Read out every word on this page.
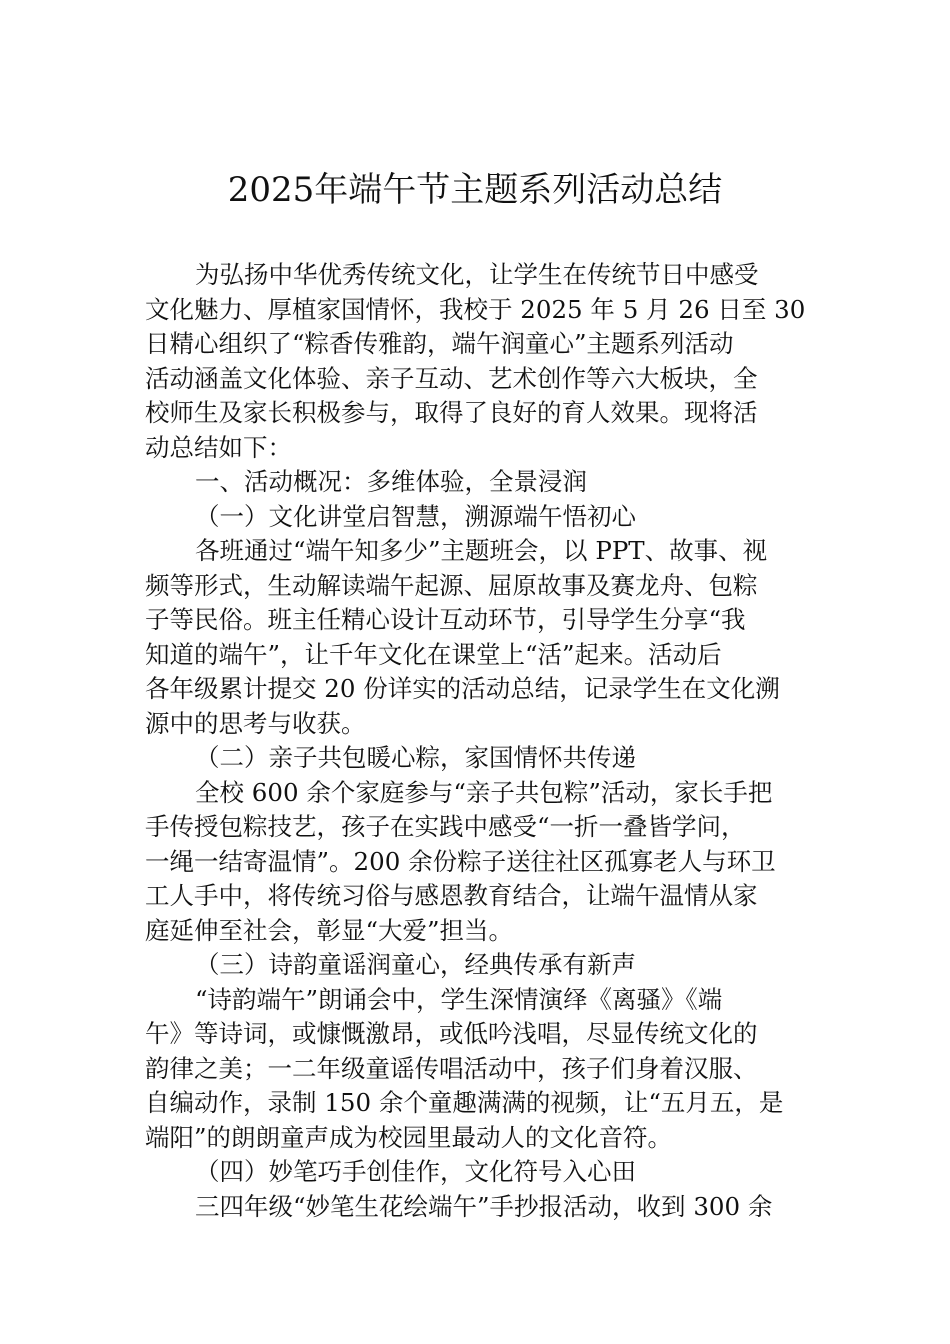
2025年端午节主题系列活动总结
为弘扬中华优秀传统文化，让学生在传统节日中感受
文化魅力、厚植家国情怀，我校于 2025 年 5 月 26 日至 30
日精心组织了“粽香传雅韵，端午润童心”主题系列活动
活动涵盖文化体验、亲子互动、艺术创作等六大板块，全
校师生及家长积极参与，取得了良好的育人效果。现将活
动总结如下：
一、活动概况：多维体验，全景浸润
（一）文化讲堂启智慧，溯源端午悟初心
各班通过“端午知多少”主题班会，以 PPT、故事、视
频等形式，生动解读端午起源、屈原故事及赛龙舟、包粽
子等民俗。班主任精心设计互动环节，引导学生分享“我
知道的端午”，让千年文化在课堂上“活”起来。活动后
各年级累计提交 20 份详实的活动总结，记录学生在文化溯
源中的思考与收获。
（二）亲子共包暖心粽，家国情怀共传递
全校 600 余个家庭参与“亲子共包粽”活动，家长手把
手传授包粽技艺，孩子在实践中感受“一折一叠皆学问，
一绳一结寄温情”。200 余份粽子送往社区孤寡老人与环卫
工人手中，将传统习俗与感恩教育结合，让端午温情从家
庭延伸至社会，彰显“大爱”担当。
（三）诗韵童谣润童心，经典传承有新声
“诗韵端午”朗诵会中，学生深情演绎《离骚》《端
午》等诗词，或慷慨激昂，或低吟浅唱，尽显传统文化的
韵律之美；一二年级童谣传唱活动中，孩子们身着汉服、
自编动作，录制 150 余个童趣满满的视频，让“五月五，是
端阳”的朗朗童声成为校园里最动人的文化音符。
（四）妙笔巧手创佳作，文化符号入心田
三四年级“妙笔生花绘端午”手抄报活动，收到 300 余
